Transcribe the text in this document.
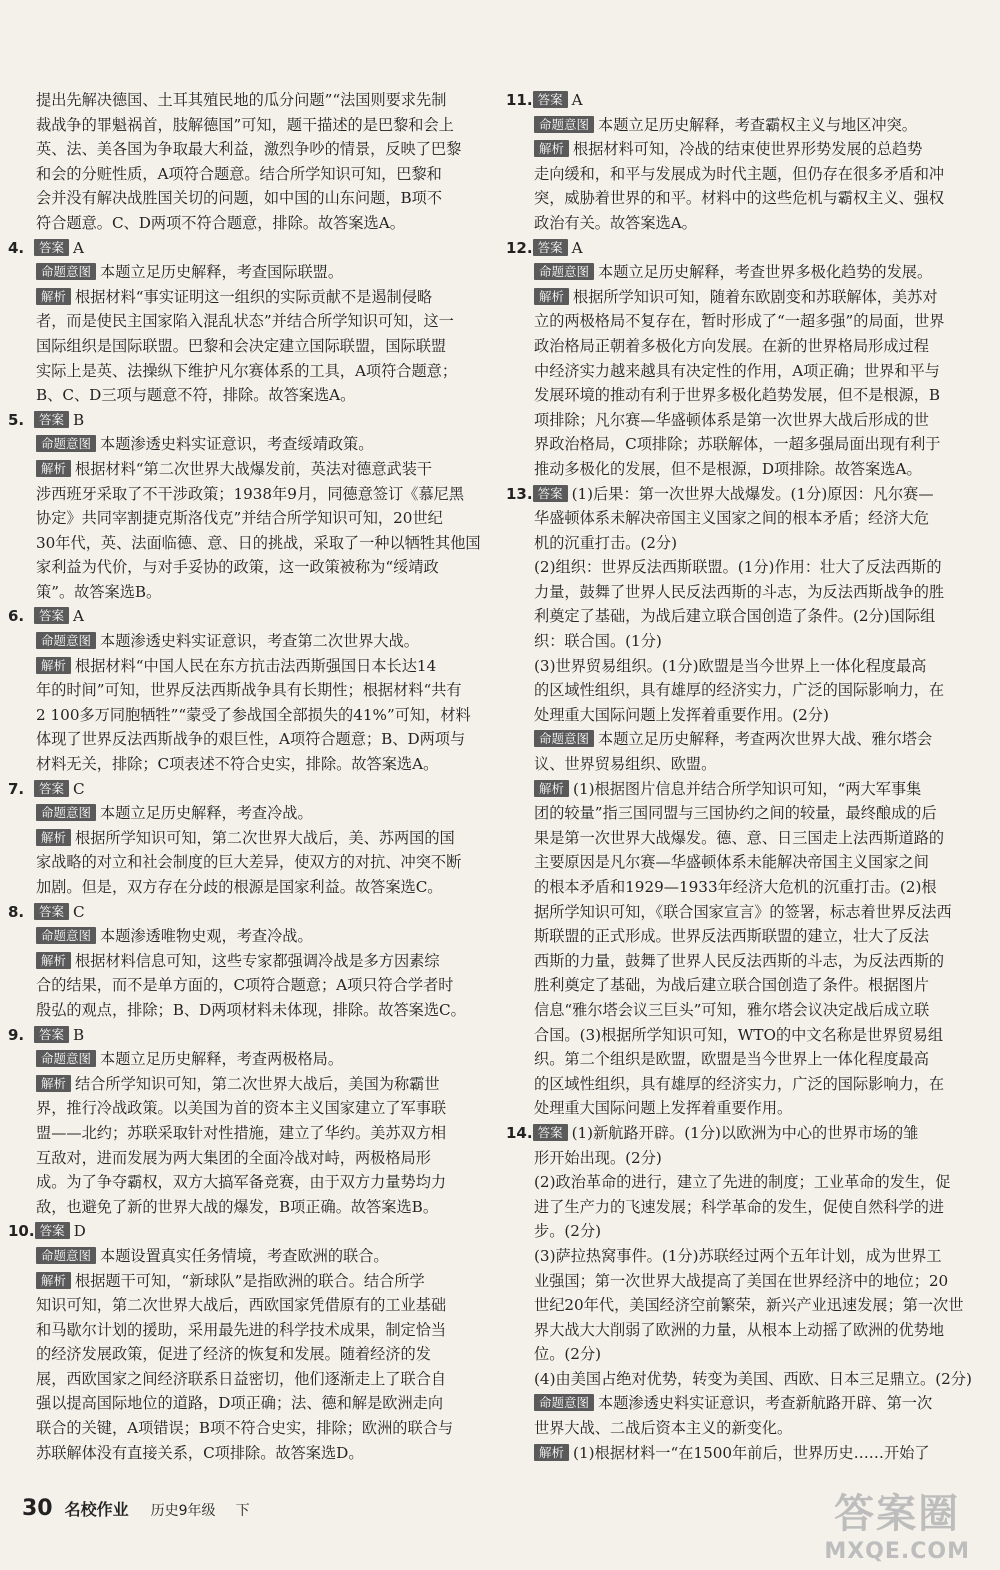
提出先解决德国、土耳其殖民地的瓜分问题”“法国则要求先制
裁战争的罪魁祸首，肢解德国”可知，题干描述的是巴黎和会上
英、法、美各国为争取最大利益，激烈争吵的情景，反映了巴黎
和会的分赃性质，A项符合题意。结合所学知识可知，巴黎和
会并没有解决战胜国关切的问题，如中国的山东问题，B项不
符合题意。C、D两项不符合题意，排除。故答案选A。
4. 答案 A
命题意图 本题立足历史解释，考查国际联盟。
解析 根据材料“事实证明这一组织的实际贡献不是遏制侵略
者，而是使民主国家陷入混乱状态”并结合所学知识可知，这一
国际组织是国际联盟。巴黎和会决定建立国际联盟，国际联盟
实际上是英、法操纵下维护凡尔赛体系的工具，A项符合题意；
B、C、D三项与题意不符，排除。故答案选A。
5. 答案 B
命题意图 本题渗透史料实证意识，考查绥靖政策。
解析 根据材料“第二次世界大战爆发前，英法对德意武装干
涉西班牙采取了不干涉政策；1938年9月，同德意签订《慕尼黑
协定》共同宰割捷克斯洛伐克”并结合所学知识可知，20世纪
30年代，英、法面临德、意、日的挑战，采取了一种以牺牲其他国
家利益为代价，与对手妥协的政策，这一政策被称为“绥靖政
策”。故答案选B。
6. 答案 A
命题意图 本题渗透史料实证意识，考查第二次世界大战。
解析 根据材料“中国人民在东方抗击法西斯强国日本长达14
年的时间”可知，世界反法西斯战争具有长期性；根据材料“共有
2 100多万同胞牺牲”“蒙受了参战国全部损失的41%”可知，材料
体现了世界反法西斯战争的艰巨性，A项符合题意；B、D两项与
材料无关，排除；C项表述不符合史实，排除。故答案选A。
7. 答案 C
命题意图 本题立足历史解释，考查冷战。
解析 根据所学知识可知，第二次世界大战后，美、苏两国的国
家战略的对立和社会制度的巨大差异，使双方的对抗、冲突不断
加剧。但是，双方存在分歧的根源是国家利益。故答案选C。
8. 答案 C
命题意图 本题渗透唯物史观，考查冷战。
解析 根据材料信息可知，这些专家都强调冷战是多方因素综
合的结果，而不是单方面的，C项符合题意；A项只符合学者时
殷弘的观点，排除；B、D两项材料未体现，排除。故答案选C。
9. 答案 B
命题意图 本题立足历史解释，考查两极格局。
解析 结合所学知识可知，第二次世界大战后，美国为称霸世
界，推行冷战政策。以美国为首的资本主义国家建立了军事联
盟——北约；苏联采取针对性措施，建立了华约。美苏双方相
互敌对，进而发展为两大集团的全面冷战对峙，两极格局形
成。为了争夺霸权，双方大搞军备竞赛，由于双方力量势均力
敌，也避免了新的世界大战的爆发，B项正确。故答案选B。
10. 答案 D
命题意图 本题设置真实任务情境，考查欧洲的联合。
解析 根据题干可知，“新球队”是指欧洲的联合。结合所学
知识可知，第二次世界大战后，西欧国家凭借原有的工业基础
和马歇尔计划的援助，采用最先进的科学技术成果，制定恰当
的经济发展政策，促进了经济的恢复和发展。随着经济的发
展，西欧国家之间经济联系日益密切，他们逐渐走上了联合自
强以提高国际地位的道路，D项正确；法、德和解是欧洲走向
联合的关键，A项错误；B项不符合史实，排除；欧洲的联合与
苏联解体没有直接关系，C项排除。故答案选D。
11. 答案 A
命题意图 本题立足历史解释，考查霸权主义与地区冲突。
解析 根据材料可知，冷战的结束使世界形势发展的总趋势
走向缓和，和平与发展成为时代主题，但仍存在很多矛盾和冲
突，威胁着世界的和平。材料中的这些危机与霸权主义、强权
政治有关。故答案选A。
12. 答案 A
命题意图 本题立足历史解释，考查世界多极化趋势的发展。
解析 根据所学知识可知，随着东欧剧变和苏联解体，美苏对
立的两极格局不复存在，暂时形成了“一超多强”的局面，世界
政治格局正朝着多极化方向发展。在新的世界格局形成过程
中经济实力越来越具有决定性的作用，A项正确；世界和平与
发展环境的推动有利于世界多极化趋势发展，但不是根源，B
项排除；凡尔赛—华盛顿体系是第一次世界大战后形成的世
界政治格局，C项排除；苏联解体，一超多强局面出现有利于
推动多极化的发展，但不是根源，D项排除。故答案选A。
13. 答案 (1)后果：第一次世界大战爆发。(1分)原因：凡尔赛—
华盛顿体系未解决帝国主义国家之间的根本矛盾；经济大危
机的沉重打击。(2分)
(2)组织：世界反法西斯联盟。(1分)作用：壮大了反法西斯的
力量，鼓舞了世界人民反法西斯的斗志，为反法西斯战争的胜
利奠定了基础，为战后建立联合国创造了条件。(2分)国际组
织：联合国。(1分)
(3)世界贸易组织。(1分)欧盟是当今世界上一体化程度最高
的区域性组织，具有雄厚的经济实力，广泛的国际影响力，在
处理重大国际问题上发挥着重要作用。(2分)
命题意图 本题立足历史解释，考查两次世界大战、雅尔塔会
议、世界贸易组织、欧盟。
解析 (1)根据图片信息并结合所学知识可知，“两大军事集
团的较量”指三国同盟与三国协约之间的较量，最终酿成的后
果是第一次世界大战爆发。德、意、日三国走上法西斯道路的
主要原因是凡尔赛—华盛顿体系未能解决帝国主义国家之间
的根本矛盾和1929—1933年经济大危机的沉重打击。(2)根
据所学知识可知，《联合国家宣言》的签署，标志着世界反法西
斯联盟的正式形成。世界反法西斯联盟的建立，壮大了反法
西斯的力量，鼓舞了世界人民反法西斯的斗志，为反法西斯的
胜利奠定了基础，为战后建立联合国创造了条件。根据图片
信息“雅尔塔会议三巨头”可知，雅尔塔会议决定战后成立联
合国。(3)根据所学知识可知，WTO的中文名称是世界贸易组
织。第二个组织是欧盟，欧盟是当今世界上一体化程度最高
的区域性组织，具有雄厚的经济实力，广泛的国际影响力，在
处理重大国际问题上发挥着重要作用。
14. 答案 (1)新航路开辟。(1分)以欧洲为中心的世界市场的雏
形开始出现。(2分)
(2)政治革命的进行，建立了先进的制度；工业革命的发生，促
进了生产力的飞速发展；科学革命的发生，促使自然科学的进
步。(2分)
(3)萨拉热窝事件。(1分)苏联经过两个五年计划，成为世界工
业强国；第一次世界大战提高了美国在世界经济中的地位；20
世纪20年代，美国经济空前繁荣，新兴产业迅速发展；第一次世
界大战大大削弱了欧洲的力量，从根本上动摇了欧洲的优势地
位。(2分)
(4)由美国占绝对优势，转变为美国、西欧、日本三足鼎立。(2分)
命题意图 本题渗透史料实证意识，考查新航路开辟、第一次
世界大战、二战后资本主义的新变化。
解析 (1)根据材料一“在1500年前后，世界历史……开始了
30 名校作业 历史9年级 下	答案圈
MXQE.COM
